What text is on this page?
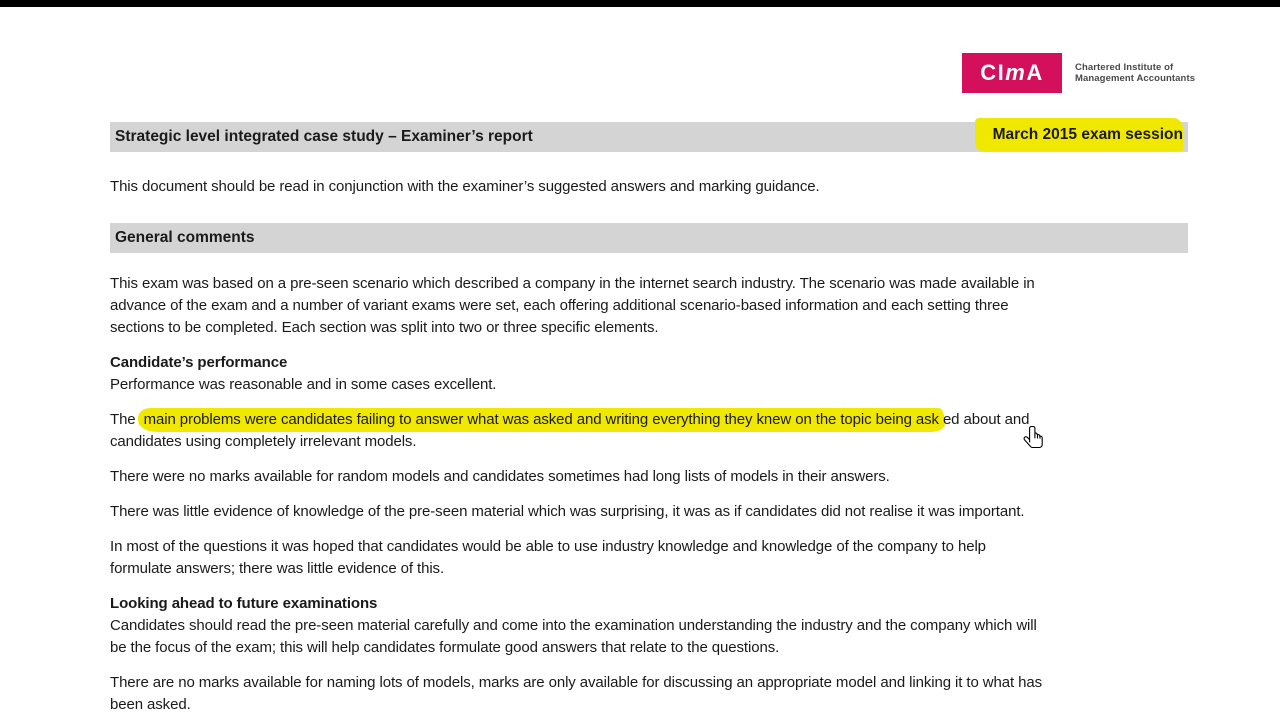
CI m A	Chartered Institute of
Management Accountants
Strategic level integrated case study – Examiner’s report	March 2015 exam session
This document should be read in conjunction with the examiner’s suggested answers and marking guidance.
General comments
This exam was based on a pre-seen scenario which described a company in the internet search industry. The scenario was made available in
advance of the exam and a number of variant exams were set, each offering additional scenario-based information and each setting three
sections to be completed. Each section was split into two or three specific elements.
Candidate’s performance
Performance was reasonable and in some cases excellent.
The main problems were candidates failing to answer what was asked and writing everything they knew on the topic being ask ed about and
candidates using completely irrelevant models.
There were no marks available for random models and candidates sometimes had long lists of models in their answers.
There was little evidence of knowledge of the pre-seen material which was surprising, it was as if candidates did not realise it was important.
In most of the questions it was hoped that candidates would be able to use industry knowledge and knowledge of the company to help
formulate answers; there was little evidence of this.
Looking ahead to future examinations
Candidates should read the pre-seen material carefully and come into the examination understanding the industry and the company which will
be the focus of the exam; this will help candidates formulate good answers that relate to the questions.
There are no marks available for naming lots of models, marks are only available for discussing an appropriate model and linking it to what has
been asked.
